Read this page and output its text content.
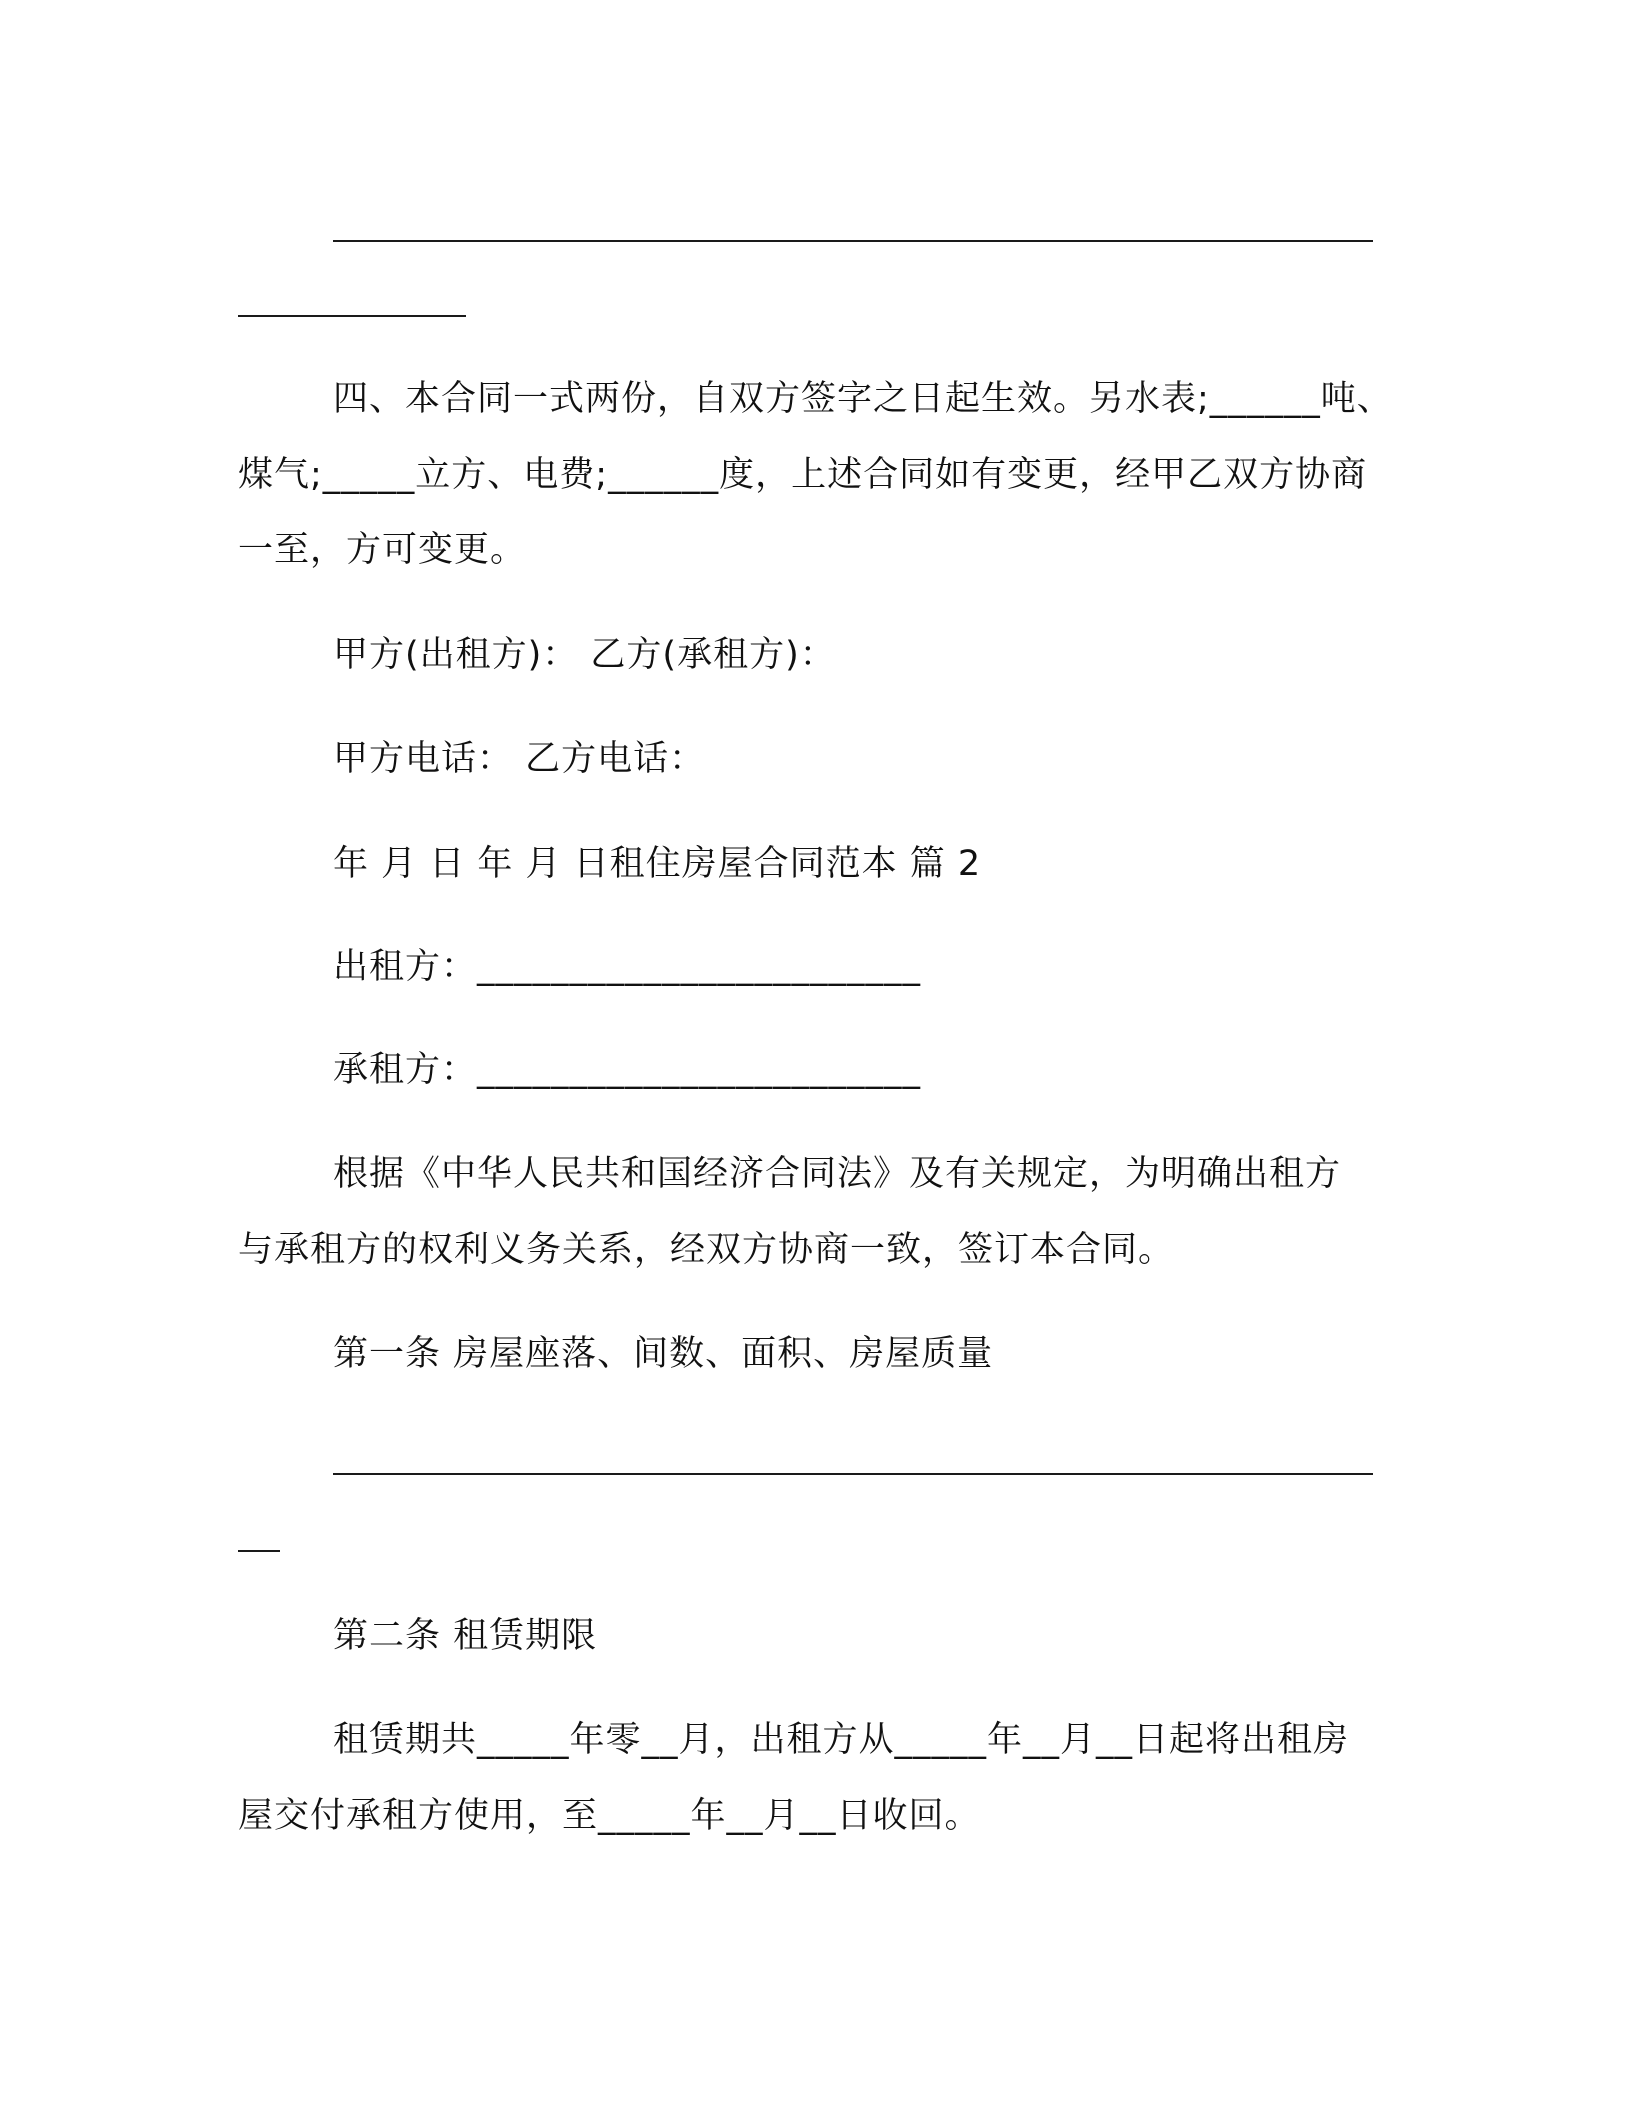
四、本合同一式两份，自双方签字之日起生效。另水表;______吨、
煤气;_____立方、电费;______度，上述合同如有变更，经甲乙双方协商
一至，方可变更。
甲方(出租方)： 乙方(承租方)：
甲方电话： 乙方电话：
年 月 日 年 月 日租住房屋合同范本 篇 2
出租方：________________________
承租方：________________________
根据《中华人民共和国经济合同法》及有关规定，为明确出租方
与承租方的权利义务关系，经双方协商一致，签订本合同。
第一条 房屋座落、间数、面积、房屋质量
第二条 租赁期限
租赁期共_____年零__月，出租方从_____年__月__日起将出租房
屋交付承租方使用，至_____年__月__日收回。
